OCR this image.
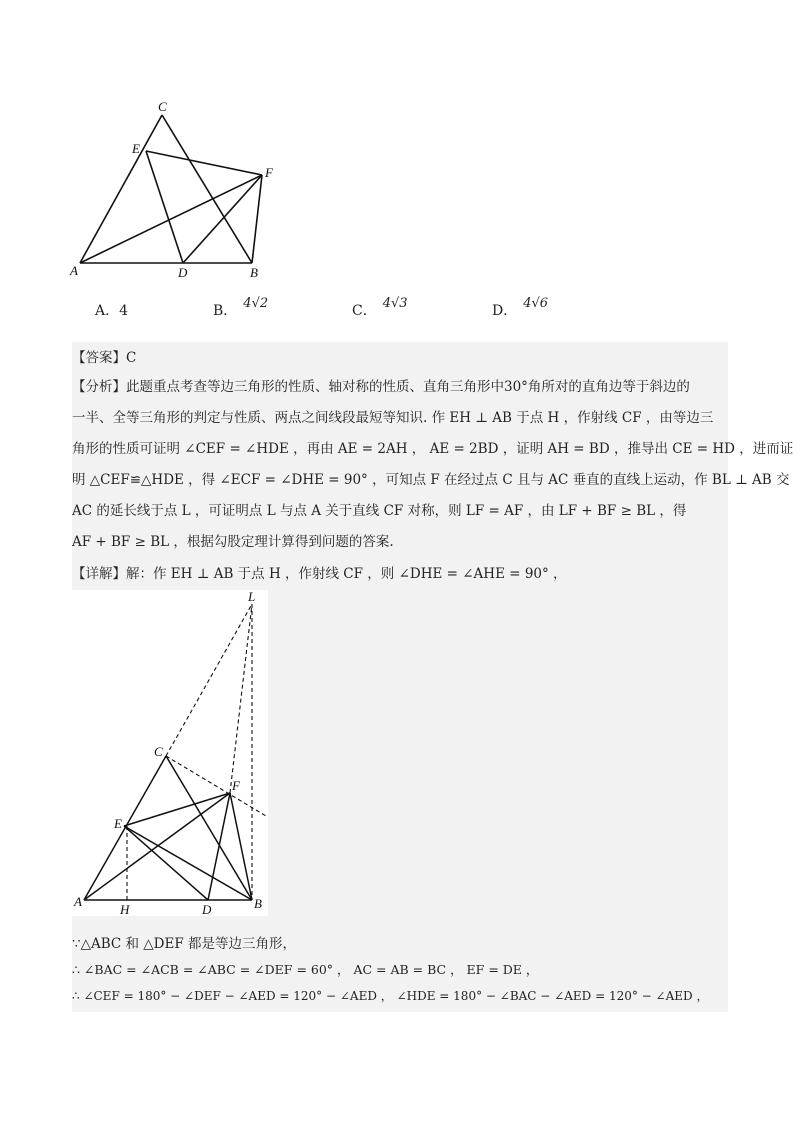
C
E
F
A	D	B
A．4	B． 4√2	C． 4√3	D． 4√6
【答案】C
【分析】此题重点考查等边三角形的性质、轴对称的性质、直角三角形中30°角所对的直角边等于斜边的
一半、全等三角形的判定与性质、两点之间线段最短等知识. 作 EH ⊥ AB 于点 H ，作射线 CF ，由等边三
角形的性质可证明 ∠CEF = ∠HDE ，再由 AE = 2AH ， AE = 2BD ，证明 AH = BD ，推导出 CE = HD ，进而证
明 △CEF≌△HDE ，得 ∠ECF = ∠DHE = 90° ，可知点 F 在经过点 C 且与 AC 垂直的直线上运动，作 BL ⊥ AB 交
AC 的延长线于点 L ，可证明点 L 与点 A 关于直线 CF 对称，则 LF = AF ，由 LF + BF ≥ BL ，得
AF + BF ≥ BL ，根据勾股定理计算得到问题的答案.
【详解】解：作 EH ⊥ AB 于点 H ，作射线 CF ，则 ∠DHE = ∠AHE = 90° ，
∵△ABC 和 △DEF 都是等边三角形，
∴ ∠BAC = ∠ACB = ∠ABC = ∠DEF = 60° ， AC = AB = BC ， EF = DE ，
∴ ∠CEF = 180° − ∠DEF − ∠AED = 120° − ∠AED ， ∠HDE = 180° − ∠BAC − ∠AED = 120° − ∠AED ，
L
C
F
E
A
H	D	B
